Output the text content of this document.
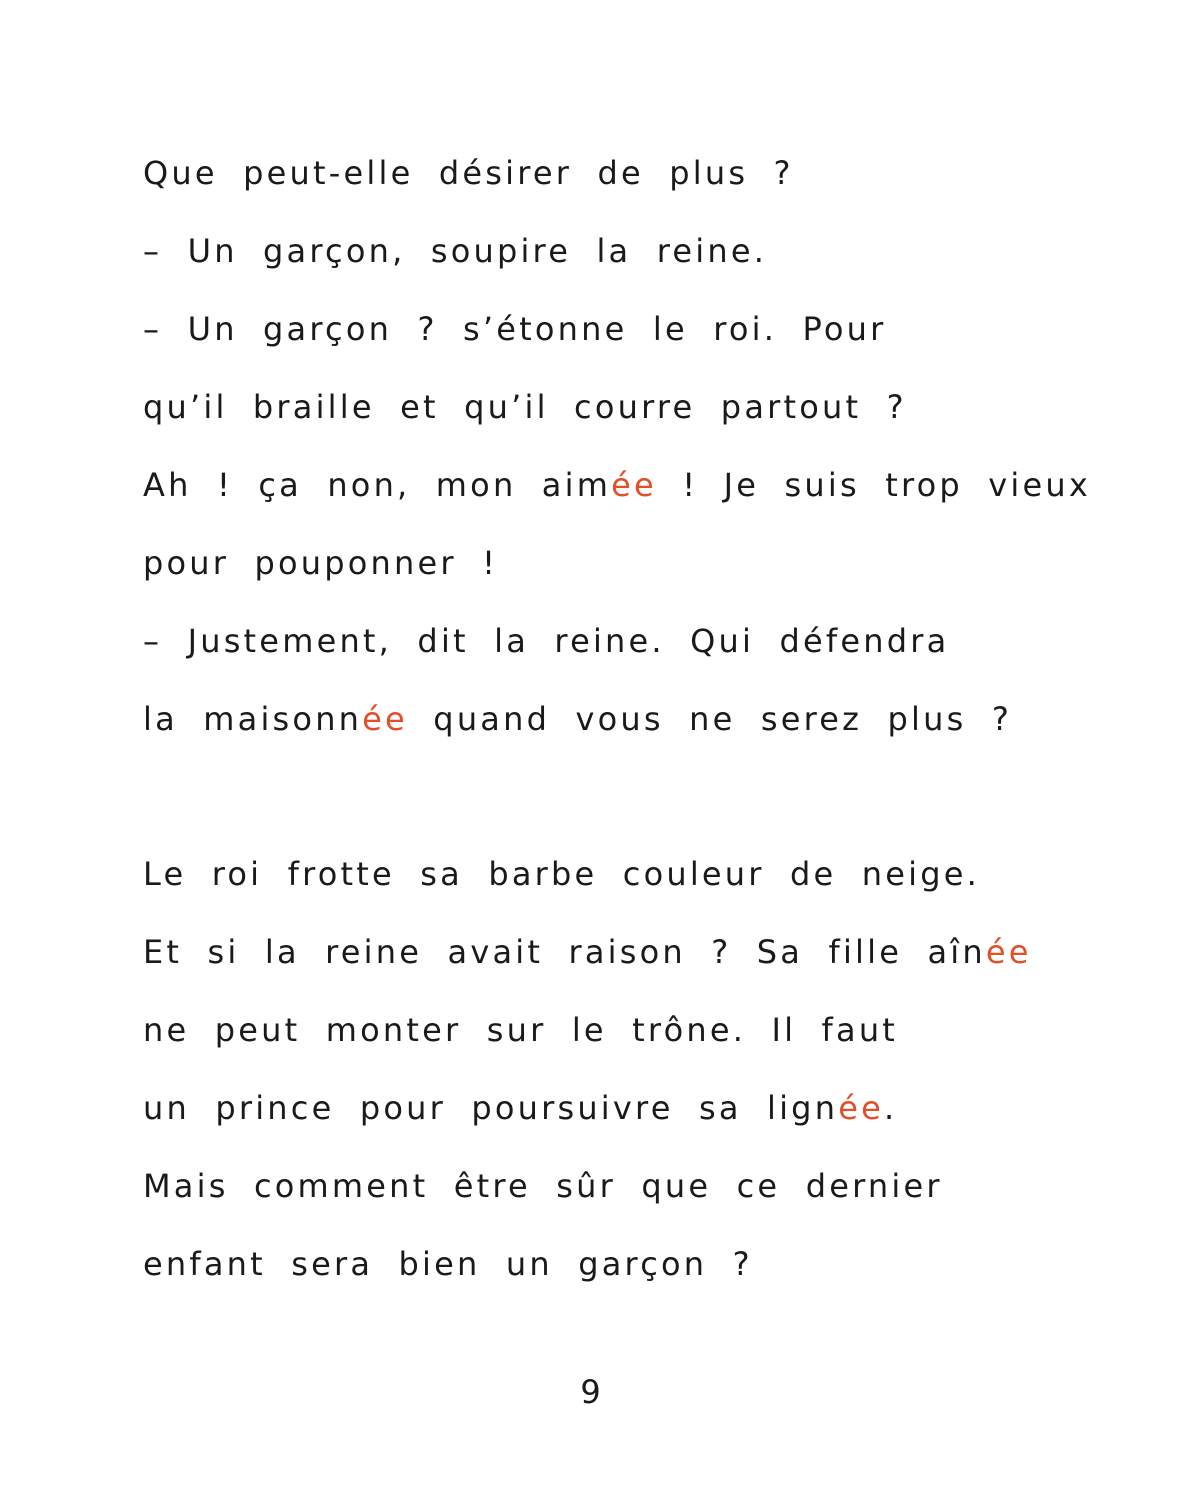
Que peut-elle désirer de plus ?
– Un garçon, soupire la reine.
– Un garçon ? s’étonne le roi. Pour
qu’il braille et qu’il courre partout ?
Ah ! ça non, mon aimée ! Je suis trop vieux
pour pouponner !
– Justement, dit la reine. Qui défendra
la maisonnée quand vous ne serez plus ?
Le roi frotte sa barbe couleur de neige.
Et si la reine avait raison ? Sa fille aînée
ne peut monter sur le trône. Il faut
un prince pour poursuivre sa lignée.
Mais comment être sûr que ce dernier
enfant sera bien un garçon ?
9
